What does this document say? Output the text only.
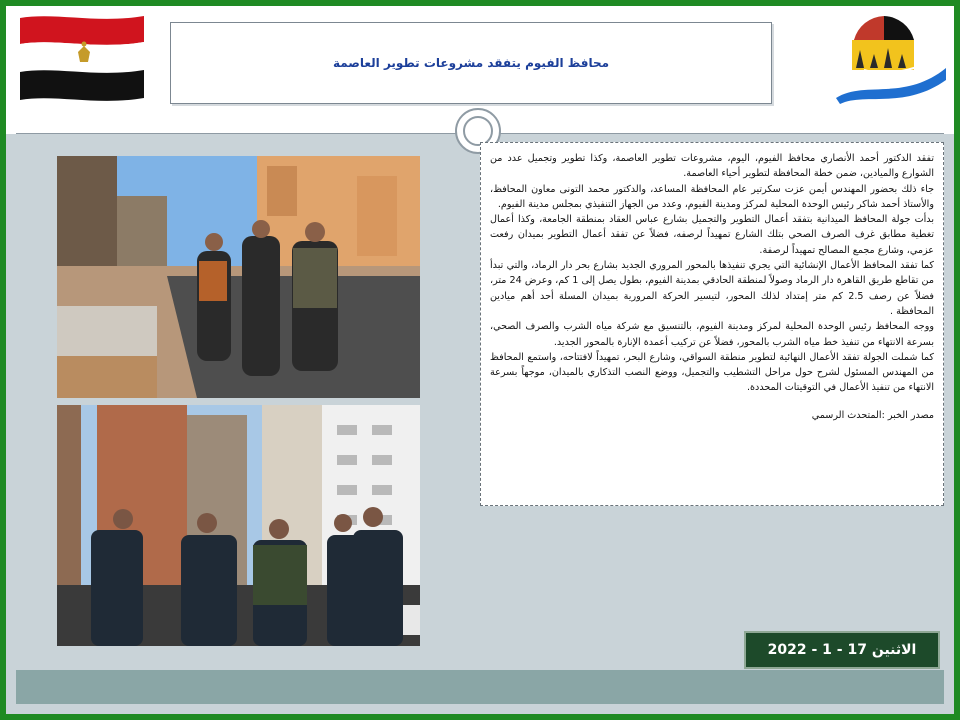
محافظ الفيوم يتفقد مشروعات تطوير العاصمة

تفقد الدكتور أحمد الأنصاري محافظ الفيوم، اليوم، مشروعات تطوير العاصمة، وكذا تطوير وتجميل عدد من الشوارع والميادين، ضمن خطة المحافظة لتطوير أحياء العاصمة.

جاء ذلك بحضور المهندس أيمن عزت سكرتير عام المحافظة المساعد، والدكتور محمد التونى معاون المحافظ، والأستاذ أحمد شاكر رئيس الوحدة المحلية لمركز ومدينة الفيوم، وعدد من الجهاز التنفيذي بمجلس مدينة الفيوم.

بدأت جولة المحافظ الميدانية بتفقد أعمال التطوير والتجميل بشارع عباس العقاد بمنطقة الجامعة، وكذا أعمال تغطية مطابق غرف الصرف الصحي بتلك الشارع تمهيداً لرصفه، فضلاً عن تفقد أعمال التطوير بميدان رفعت عزمي، وشارع مجمع المصالح تمهيداً لرصفة.

كما تفقد المحافظ الأعمال الإنشائية التي يجري تنفيذها بالمحور المروري الجديد بشارع بحر دار الرماد، والتي تبدأ من تقاطع طريق القاهرة دار الرماد وصولاً لمنطقة الحادقي بمدينة الفيوم، بطول يصل إلى 1 كم، وعرض 24 متر، فضلاً عن رصف 2.5 كم متر إمتداد لذلك المحور، لتيسير الحركة المرورية بميدان المسلة أحد أهم ميادين المحافظة .

ووجه المحافظ رئيس الوحدة المحلية لمركز ومدينة الفيوم، بالتنسيق مع شركة مياه الشرب والصرف الصحي، بسرعة الانتهاء من تنفيذ خط مياه الشرب بالمحور، فضلاً عن تركيب أعمدة الإنارة بالمحور الجديد.

كما شملت الجولة تفقد الأعمال النهائية لتطوير منطقة السواقي، وشارع البحر، تمهيداً لافتتاحه، واستمع المحافظ من المهندس المسئول لشرح حول مراحل التشطيب والتجميل، ووضع النصب التذكاري بالميدان، موجهاً بسرعة الانتهاء من تنفيذ الأعمال في التوقيتات المحددة.

مصدر الخبر :المتحدث الرسمي

الاثنين 17 - 1 - 2022
